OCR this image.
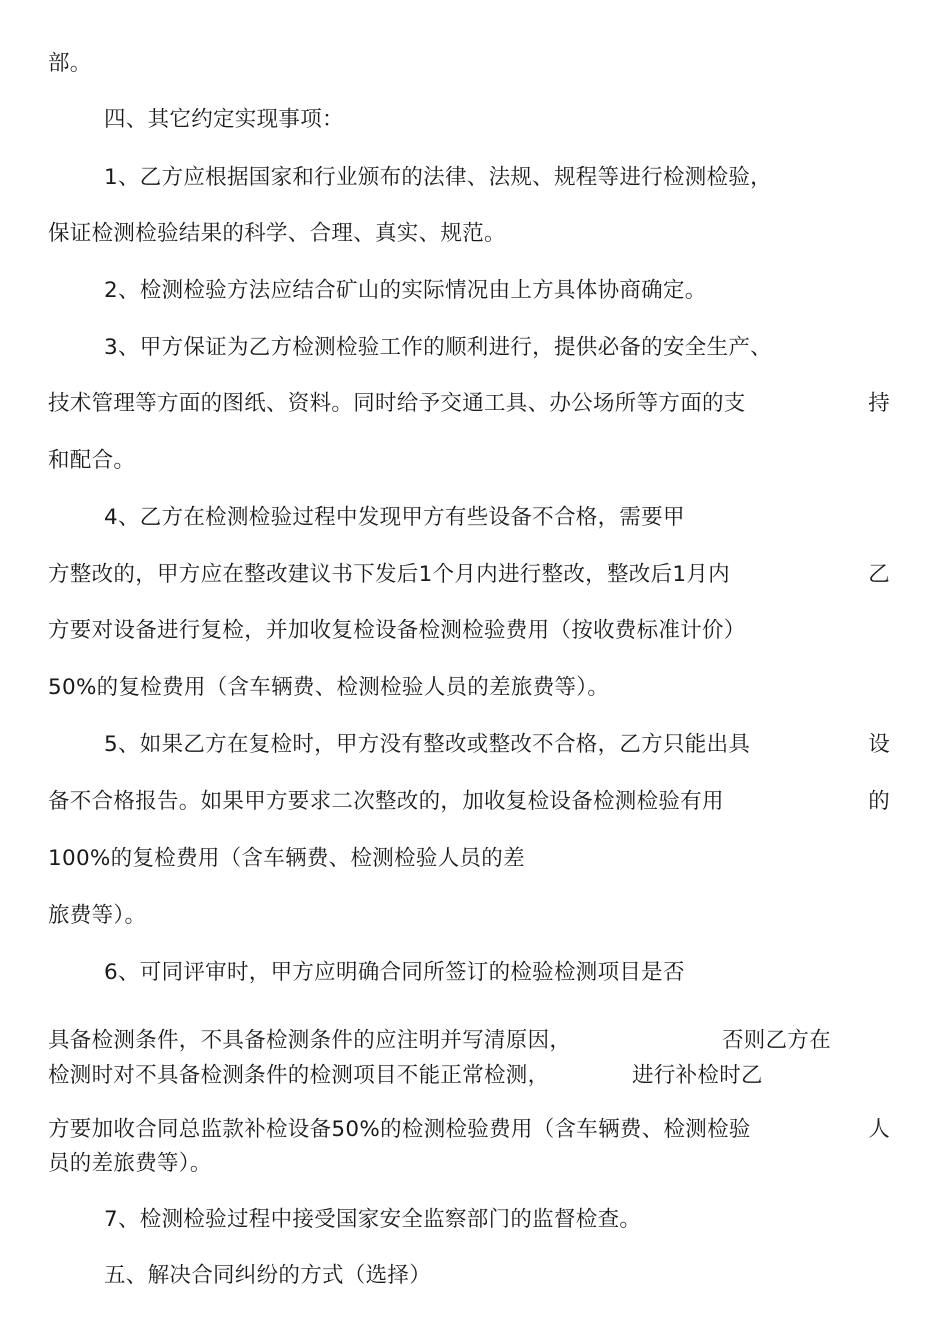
部。
四、其它约定实现事项：
1、乙方应根据国家和行业颁布的法律、法规、规程等进行检测检验，
保证检测检验结果的科学、合理、真实、规范。
2、检测检验方法应结合矿山的实际情况由上方具体协商确定。
3、甲方保证为乙方检测检验工作的顺利进行，提供必备的安全生产、
技术管理等方面的图纸、资料。同时给予交通工具、办公场所等方面的支	持
和配合。
4、乙方在检测检验过程中发现甲方有些设备不合格，需要甲
方整改的，甲方应在整改建议书下发后1个月内进行整改，整改后1月内	乙
方要对设备进行复检，并加收复检设备检测检验费用（按收费标准计价）
50%的复检费用（含车辆费、检测检验人员的差旅费等）。
5、如果乙方在复检时，甲方没有整改或整改不合格，乙方只能出具	设
备不合格报告。如果甲方要求二次整改的，加收复检设备检测检验有用	的
100%的复检费用（含车辆费、检测检验人员的差
旅费等）。
6、可同评审时，甲方应明确合同所签订的检验检测项目是否
具备检测条件，不具备检测条件的应注明并写清原因，	否则乙方在
检测时对不具备检测条件的检测项目不能正常检测，	进行补检时乙
方要加收合同总监款补检设备50%的检测检验费用（含车辆费、检测检验	人
员的差旅费等）。
7、检测检验过程中接受国家安全监察部门的监督检查。
五、解决合同纠纷的方式（选择）
